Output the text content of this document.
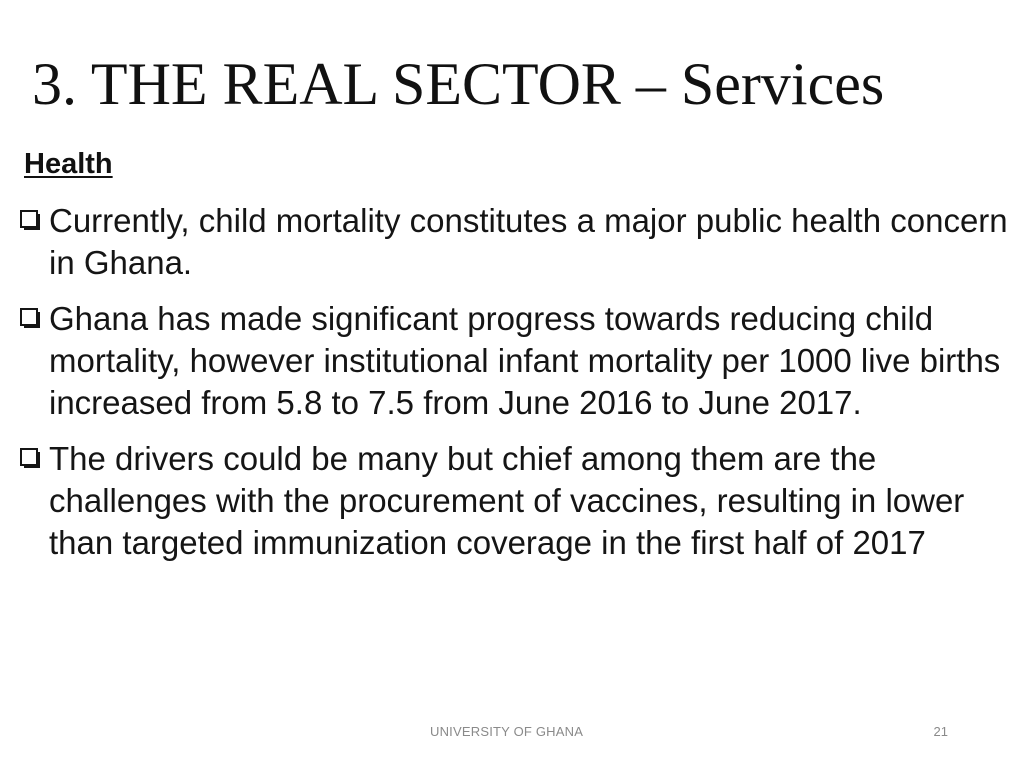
3. THE REAL SECTOR – Services
Health
Currently, child mortality constitutes a major public health concern in Ghana.
Ghana has made significant progress towards reducing child mortality, however institutional infant mortality per 1000 live births increased from 5.8 to 7.5 from June 2016 to June 2017.
The drivers could be many but chief among them are the challenges with the procurement of vaccines, resulting in lower than targeted immunization coverage in the first half of 2017
UNIVERSITY OF GHANA	21
